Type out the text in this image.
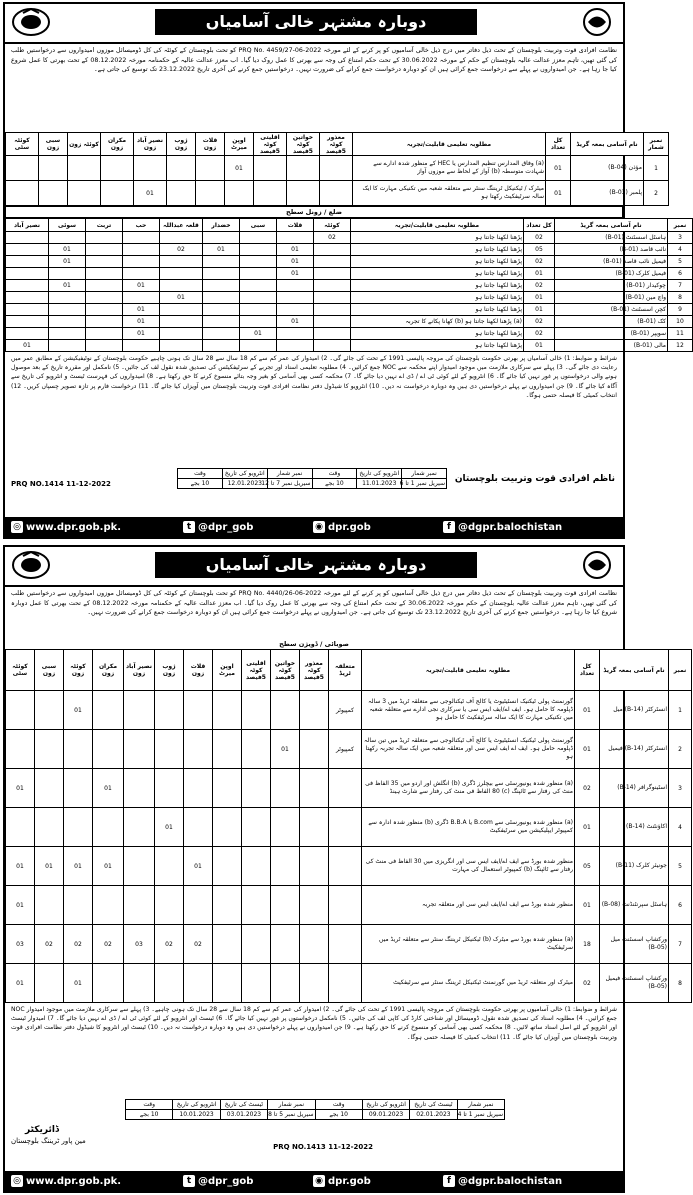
دوبارہ مشتہر خالی آسامیاں
نظامت افرادی قوت وتربیت بلوچستان کے تحت ذیل دفاتر میں درج ذیل خالی آسامیوں کو پر کرنے کے لئے مورخہ PRQ No. 4459/27-06-2022 کو تحت بلوچستان کے کوئٹہ کی کل ڈومیسائل موزوں امیدواروں سے درخواستیں طلب کی گئی تھیں، تاہم معزز عدالت عالیہ بلوچستان کے حکم کے مورخہ 30.06.2022 کے تحت حکم امتناع کی وجہ سے بھرتی کا عمل روک دیا گیا۔ اب معزز عدالت عالیہ کے حکمنامہ مورخہ 08.12.2022 کے تحت بھرتی کا عمل شروع کیا جا رہا ہے۔ جن امیدواروں نے پہلے سے درخواست جمع کرائی ہیں ان کو دوبارہ درخواست جمع کرانے کی ضرورت نہیں۔ درخواستیں جمع کرنے کی آخری تاریخ 23.12.2022 تک توسیع کی جاتی ہے۔
نمبر شمار	نام آسامی بمعہ گریڈ	کل تعداد	مطلوبہ تعلیمی قابلیت/تجربہ	معذور کوٹہ 5فیصد	خواتین کوٹہ 5فیصد	اقلیتی کوٹہ 5فیصد	اوپن میرٹ	قلات زون	ژوب زون	نصیر آباد زون	مکران زون	کوئٹہ زون	سبی زون	کوئٹہ سٹی
1	مؤذن (B-04)	01	(a) وفاق المدارس تنظیم المدارس یا HEC کے منظور شدہ ادارے سے شہادت متوسطہ (b) آواز کے لحاظ سے موزوں آواز				01							
2	پلمبر (B-03)	01	میٹرک / ٹیکنیکل ٹریننگ سنٹر سے متعلقہ شعبہ میں تکنیکی مہارت کا ایک سالہ سرٹیفکیٹ رکھتا ہو							01				
ضلع / زونل سطح
نمبر	نام آسامی بمعہ گریڈ	کل تعداد	مطلوبہ تعلیمی قابلیت/تجربہ	کوئٹہ	قلات	سبی	خضدار	قلعہ عبداللہ	حب	تربت	سوئی	نصیر آباد
3	ہاسٹل اسسٹنٹ (B-01)	02	پڑھنا لکھنا جانتا ہو	02								
4	نائب قاصد (B-01)	05	پڑھنا لکھنا جانتا ہو		01		01	02			01	
5	فیمیل نائب قاصد (B-01)	02	پڑھنا لکھنا جانتا ہو		01						01	
6	فیمیل کلرک (B-01)	01	پڑھنا لکھنا جانتا ہو		01							
7	چوکیدار (B-01)	02	پڑھنا لکھنا جانتا ہو						01		01	
8	واچ مین (B-01)	01	پڑھنا لکھنا جانتا ہو					01				
9	کچن اسسٹنٹ (B-01)	01	پڑھنا لکھنا جانتا ہو						01			
10	کک (B-01)	02	(a) پڑھنا لکھنا جانتا ہو (b) کھانا پکانے کا تجربہ		01				01			
11	سویپر (B-01)	02	پڑھنا لکھنا جانتا ہو			01			01			
12	مالی (B-01)	01	پڑھنا لکھنا جانتا ہو									01
شرائط و ضوابط: 1) خالی آسامیاں پر بھرتی حکومت بلوچستان کی مروجہ پالیسی 1991 کے تحت کی جائے گی۔ 2) امیدوار کی عمر کم سے کم 18 سال سے 28 سال تک ہونی چاہیے حکومت بلوچستان کے نوٹیفیکیشن کے مطابق عمر میں رعایت دی جائے گی۔ 3) پہلے سے سرکاری ملازمت میں موجود امیدوار اپنے محکمہ سے NOC جمع کرائیں۔ 4) مطلوبہ تعلیمی اسناد اور تجربے کے سرٹیفکیٹس کی تصدیق شدہ نقول لف کی جائیں۔ 5) نامکمل اور مقررہ تاریخ کے بعد موصول ہونے والی درخواستوں پر غور نہیں کیا جائے گا۔ 6) انٹرویو کے لئے کوئی ٹی اے / ڈی اے نہیں دیا جائے گا۔ 7) محکمہ کسی بھی آسامی کو بغیر وجہ بتائے منسوخ کرنے کا حق رکھتا ہے۔ 8) امیدواروں کی فہرست ٹیسٹ و انٹرویو کی تاریخ سے آگاہ کیا جائے گا۔ 9) جن امیدواروں نے پہلے درخواستیں دی ہیں وہ دوبارہ درخواست نہ دیں۔ 10) انٹرویو کا شیڈول دفتر نظامت افرادی قوت وتربیت بلوچستان میں آویزاں کیا جائے گا۔ 11) درخواست فارم پر تازہ تصویر چسپاں کریں۔ 12) انتخاب کمیٹی کا فیصلہ حتمی ہوگا۔
نمبر شمار	انٹرویو کی تاریخ	وقت	نمبر شمار	انٹرویو کی تاریخ	وقت
سیریل نمبر 1 تا 6	11.01.2023	10 بجے	سیریل نمبر 7 تا 12	12.01.2023	10 بجے	ناظم افرادی قوت وتربیت بلوچستان
PRQ NO.1414 11-12-2022
◎ www.dpr.gob.pk.	t @dpr_gob	◉ dpr.gob	f @dgpr.balochistan
دوبارہ مشتہر خالی آسامیاں
نظامت افرادی قوت وتربیت بلوچستان کے تحت ذیل دفاتر میں درج ذیل خالی آسامیوں کو پر کرنے کے لئے مورخہ PRQ No. 4440/26-06-2022 کو تحت بلوچستان کے کوئٹہ کی کل ڈومیسائل موزوں امیدواروں سے درخواستیں طلب کی گئی تھیں، تاہم معزز عدالت عالیہ بلوچستان کے حکم مورخہ 30.06.2022 کے تحت حکم امتناع کی وجہ سے بھرتی کا عمل روک دیا گیا۔ اب معزز عدالت عالیہ کے حکمنامہ مورخہ 08.12.2022 کے تحت بھرتی کا عمل دوبارہ شروع کیا جا رہا ہے۔ درخواستیں جمع کرنے کی آخری تاریخ 23.12.2022 تک توسیع کی جاتی ہے۔ جن امیدواروں نے پہلے درخواست جمع کرائی ہیں ان کو دوبارہ درخواست جمع کرانے کی ضرورت نہیں۔
صوبائی / ڈویژن سطح
نمبر	نام آسامی بمعہ گریڈ	کل تعداد	مطلوبہ تعلیمی قابلیت/تجربہ	متعلقہ ٹریڈ	معذور کوٹہ 5فیصد	خواتین کوٹہ 5فیصد	اقلیتی کوٹہ 5فیصد	اوپن میرٹ	قلات زون	ژوب زون	نصیر آباد زون	مکران زون	کوئٹہ زون	سبی زون	کوئٹہ سٹی
1	انسٹرکٹر (B-14) میل	01	گورنمنٹ پولی ٹیکنیک انسٹیٹیوٹ یا کالج آف ٹیکنالوجی سے متعلقہ ٹریڈ میں 3 سالہ ڈپلومہ کا حامل ہو۔ ایف اے/ایف ایس سی یا سرکاری نجی ادارے سے متعلقہ شعبہ میں تکنیکی مہارت کا ایک سالہ سرٹیفکیٹ کا حامل ہو	کمپیوٹر									01		
2	انسٹرکٹر (B-14) فیمیل	01	گورنمنٹ پولی ٹیکنیک انسٹیٹیوٹ یا کالج آف ٹیکنالوجی سے متعلقہ ٹریڈ میں تین سالہ ڈپلومہ حامل ہو۔ ایف اے ایف ایس سی اور متعلقہ شعبہ میں ایک سالہ تجربہ رکھتا ہو	کمپیوٹر		01									
3	اسٹینوگرافر (B-14)	02	(a) منظور شدہ یونیورسٹی سے بیچلرز ڈگری (b) انگلش اور اردو میں 35 الفاظ فی منٹ کی رفتار سے ٹائپنگ (c) 80 الفاظ فی منٹ کی رفتار سے شارٹ ہینڈ									01			01
4	اکاؤنٹنٹ (B-14)	01	(a) منظور شدہ یونیورسٹی سے B.com یا B.B.A ڈگری (b) منظور شدہ ادارہ سے کمپیوٹر ایپلیکیشن میں سرٹیفکیٹ							01					
5	جونیئر کلرک (B-11)	05	منظور شدہ بورڈ سے ایف اے/ایف ایس سی اور انگریزی میں 30 الفاظ فی منٹ کی رفتار سے ٹائپنگ (b) کمپیوٹر استعمال کی مہارت						01			01	01	01	01
6	ہاسٹل سپرنٹنڈنٹ (B-08)	01	منظور شدہ بورڈ سے ایف اے/ایف ایس سی اور متعلقہ تجربہ												01
7	ورکشاپ اسسٹنٹ میل (B-05)	18	(a) منظور شدہ بورڈ سے میٹرک (b) ٹیکنیکل ٹریننگ سنٹر سے متعلقہ ٹریڈ میں سرٹیفکیٹ						02	02	03	02	02	02	03
8	ورکشاپ اسسٹنٹ فیمیل (B-05)	02	میٹرک اور متعلقہ ٹریڈ میں گورنمنٹ ٹیکنیکل ٹریننگ سنٹر سے سرٹیفکیٹ										01		01
شرائط و ضوابط: 1) خالی آسامیوں پر بھرتی حکومت بلوچستان کی مروجہ پالیسی 1991 کے تحت کی جائے گی۔ 2) امیدوار کی عمر کم سے کم 18 سال سے 28 سال تک ہونی چاہیے۔ 3) پہلے سے سرکاری ملازمت میں موجود امیدوار NOC جمع کرائیں۔ 4) مطلوبہ اسناد کی تصدیق شدہ نقول، ڈومیسائل اور شناختی کارڈ کی کاپی لف کی جائیں۔ 5) نامکمل درخواستوں پر غور نہیں کیا جائے گا۔ 6) ٹیسٹ اور انٹرویو کے لئے کوئی ٹی اے / ڈی اے نہیں دیا جائے گا۔ 7) امیدوار ٹیسٹ اور انٹرویو کے لئے اصل اسناد ساتھ لائیں۔ 8) محکمہ کسی بھی آسامی کو منسوخ کرنے کا حق رکھتا ہے۔ 9) جن امیدواروں نے پہلے درخواستیں دی ہیں وہ دوبارہ درخواست نہ دیں۔ 10) ٹیسٹ اور انٹرویو کا شیڈول دفتر نظامت افرادی قوت وتربیت بلوچستان میں آویزاں کیا جائے گا۔ 11) انتخاب کمیٹی کا فیصلہ حتمی ہوگا۔
نمبر شمار	ٹیسٹ کی تاریخ	انٹرویو کی تاریخ	وقت	نمبر شمار	ٹیسٹ کی تاریخ	انٹرویو کی تاریخ	وقت
سیریل نمبر 1 تا 4	02.01.2023	09.01.2023	10 بجے	سیریل نمبر 5 تا 8	03.01.2023	10.01.2023	10 بجے
ڈائریکٹر
مین پاور ٹریننگ بلوچستان
PRQ NO.1413 11-12-2022
◎ www.dpr.gob.pk.	t @dpr_gob	◉ dpr.gob	f @dgpr.balochistan
